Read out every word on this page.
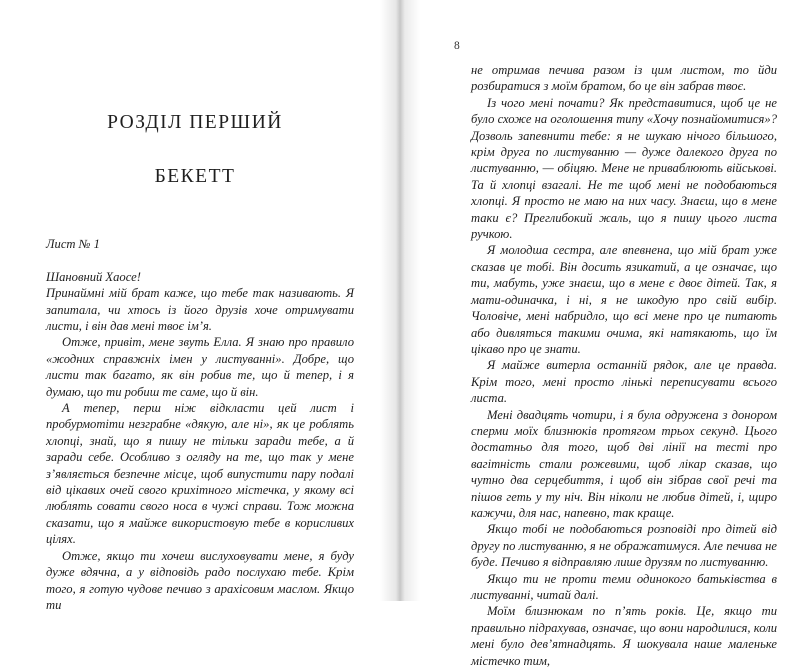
РОЗДІЛ ПЕРШИЙ
БЕКЕТТ

Лист № 1

Шановний Хаосе!

Принаймні мій брат каже, що тебе так називають. Я запитала, чи хтось із його друзів хоче отримувати листи, і він дав мені твоє ім’я.

Отже, привіт, мене звуть Елла. Я знаю про правило «жодних справжніх імен у листуванні». Добре, що листи так багато, як він робив те, що й тепер, і я думаю, що ти робиш те саме, що й він.

А тепер, перш ніж відкласти цей лист і пробурмотіти незграбне «дякую, але ні», як це роблять хлопці, знай, що я пишу не тільки заради тебе, а й заради себе. Особливо з огляду на те, що так у мене з’являється безпечне місце, щоб випустити пару подалі від цікавих очей свого крихітного містечка, у якому всі люблять совати свого носа в чужі справи. Тож можна сказати, що я майже використовую тебе в корисливих цілях.

Отже, якщо ти хочеш вислуховувати мене, я буду дуже вдячна, а у відповідь радо послухаю тебе. Крім того, я готую чудове печиво з арахісовим маслом. Якщо ти

8

не отримав печива разом із цим листом, то йди розбиратися з моїм братом, бо це він забрав твоє.

Із чого мені почати? Як представитися, щоб це не було схоже на оголошення типу «Хочу познайомитися»? Дозволь запевнити тебе: я не шукаю нічого більшого, крім друга по листуванню — дуже далекого друга по листуванню, — обіцяю. Мене не приваблюють військові. Та й хлопці взагалі. Не те щоб мені не подобаються хлопці. Я просто не маю на них часу. Знаєш, що в мене таки є? Преглибокий жаль, що я пишу цього листа ручкою.

Я молодша сестра, але впевнена, що мій брат уже сказав це тобі. Він досить язикатий, а це означає, що ти, мабуть, уже знаєш, що в мене є двоє дітей. Так, я мати-одиначка, і ні, я не шкодую про свій вибір. Чоловіче, мені набридло, що всі мене про це питають або дивляться такими очима, які натякають, що їм цікаво про це знати.

Я майже витерла останній рядок, але це правда. Крім того, мені просто лінькі переписувати всього листа.

Мені двадцять чотири, і я була одружена з донором сперми моїх близнюків протягом трьох секунд. Цього достатньо для того, щоб дві лінії на тесті про вагітність стали рожевими, щоб лікар сказав, що чутно два серцебиття, і щоб він зібрав свої речі та пішов геть у ту ніч. Він ніколи не любив дітей, і, щиро кажучи, для нас, напевно, так краще.

Якщо тобі не подобаються розповіді про дітей від другу по листуванню, я не ображатимуся. Але печива не буде. Печиво я відправляю лише друзям по листуванню.

Якщо ти не проти теми одинокого батьківства в листуванні, читай далі.

Моїм близнюкам по п’ять років. Це, якщо ти правильно підрахував, означає, що вони народилися, коли мені було дев’ятнадцять. Я шокувала наше маленьке містечко тим,
